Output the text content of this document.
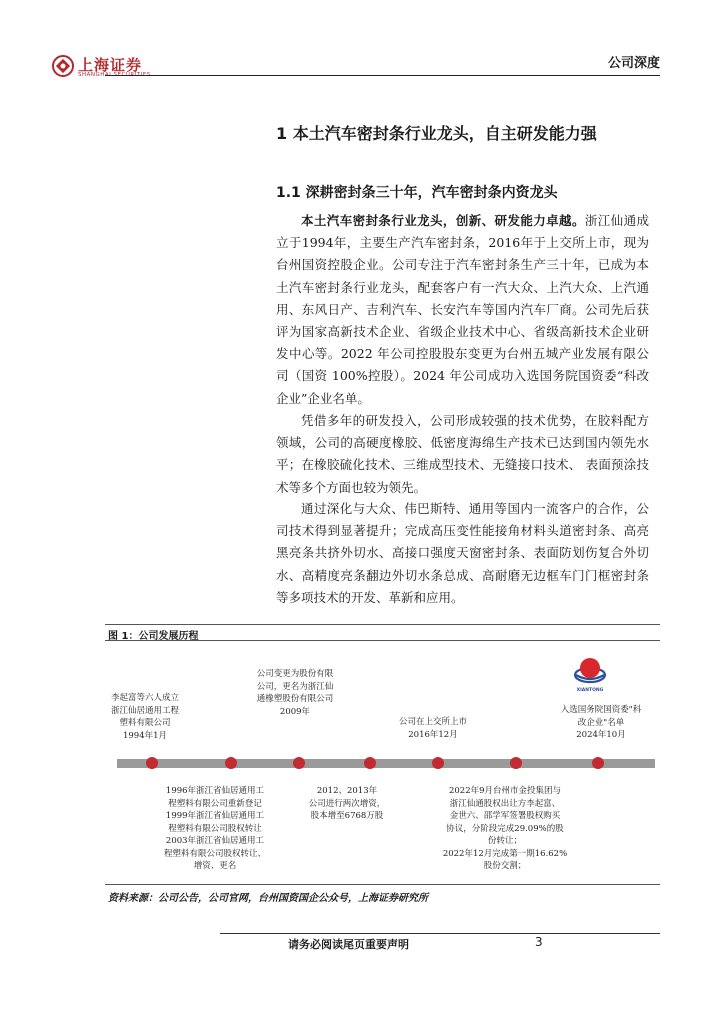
上海证券
SHANGHAI SECURITIES
公司深度
1 本土汽车密封条行业龙头，自主研发能力强
1.1 深耕密封条三十年，汽车密封条内资龙头

本土汽车密封条行业龙头，创新、研发能力卓越。浙江仙通成立于1994年，主要生产汽车密封条，2016年于上交所上市，现为台州国资控股企业。公司专注于汽车密封条生产三十年，已成为本土汽车密封条行业龙头，配套客户有一汽大众、上汽大众、上汽通用、东风日产、吉利汽车、长安汽车等国内汽车厂商。公司先后获评为国家高新技术企业、省级企业技术中心、省级高新技术企业研发中心等。2022 年公司控股股东变更为台州五城产业发展有限公司（国资 100%控股）。2024 年公司成功入选国务院国资委“科改企业”企业名单。

凭借多年的研发投入，公司形成较强的技术优势，在胶料配方领域，公司的高硬度橡胶、低密度海绵生产技术已达到国内领先水平；在橡胶硫化技术、三维成型技术、无缝接口技术、 表面预涂技术等多个方面也较为领先。

通过深化与大众、伟巴斯特、通用等国内一流客户的合作，公司技术得到显著提升；完成高压变性能接角材料头道密封条、高亮黑亮条共挤外切水、高接口强度天窗密封条、表面防划伤复合外切水、高精度亮条翻边外切水条总成、高耐磨无边框车门门框密封条等多项技术的开发、革新和应用。

图 1：公司发展历程
XIANTONG
李起富等六人成立
浙江仙居通用工程
塑料有限公司
1994年1月
公司变更为股份有限
公司，更名为浙江仙
通橡塑股份有限公司
2009年
公司在上交所上市
2016年12月
入选国务院国资委"科
改企业"名单
2024年10月
1996年浙江省仙居通用工
程塑料有限公司重新登记
1999年浙江省仙居通用工
程塑料有限公司股权转让
2003年浙江省仙居通用工
程塑料有限公司股权转让、
增资、更名
2012、2013年
公司进行两次增资，
股本增至6768万股
2022年9月台州市金投集团与
浙江仙通股权出让方李起富、
金世六、邵学军签署股权购买
协议，分阶段完成29.09%的股
份转让；
2022年12月完成第一期16.62%
股份交割；
资料来源：公司公告，公司官网，台州国资国企公众号，上海证券研究所
请务必阅读尾页重要声明	3
